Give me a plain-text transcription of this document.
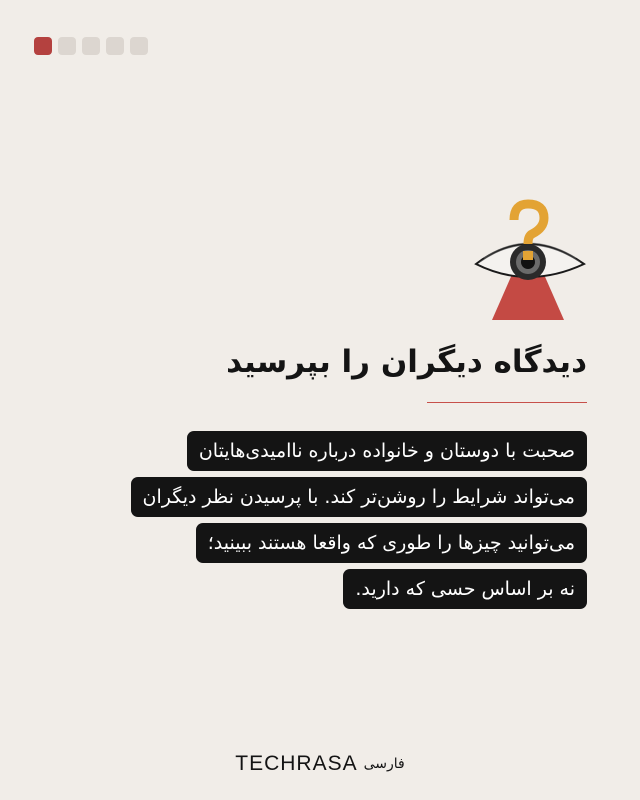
دیدگاه دیگران را بپرسید
صحبت با دوستان و خانواده درباره ناامیدی‌هایتان
می‌تواند شرایط را روشن‌تر کند. با پرسیدن نظر دیگران
می‌توانید چیزها را طوری که واقعا هستند ببینید؛
نه بر اساس حسی که دارید.
TECHRASA فارسی
